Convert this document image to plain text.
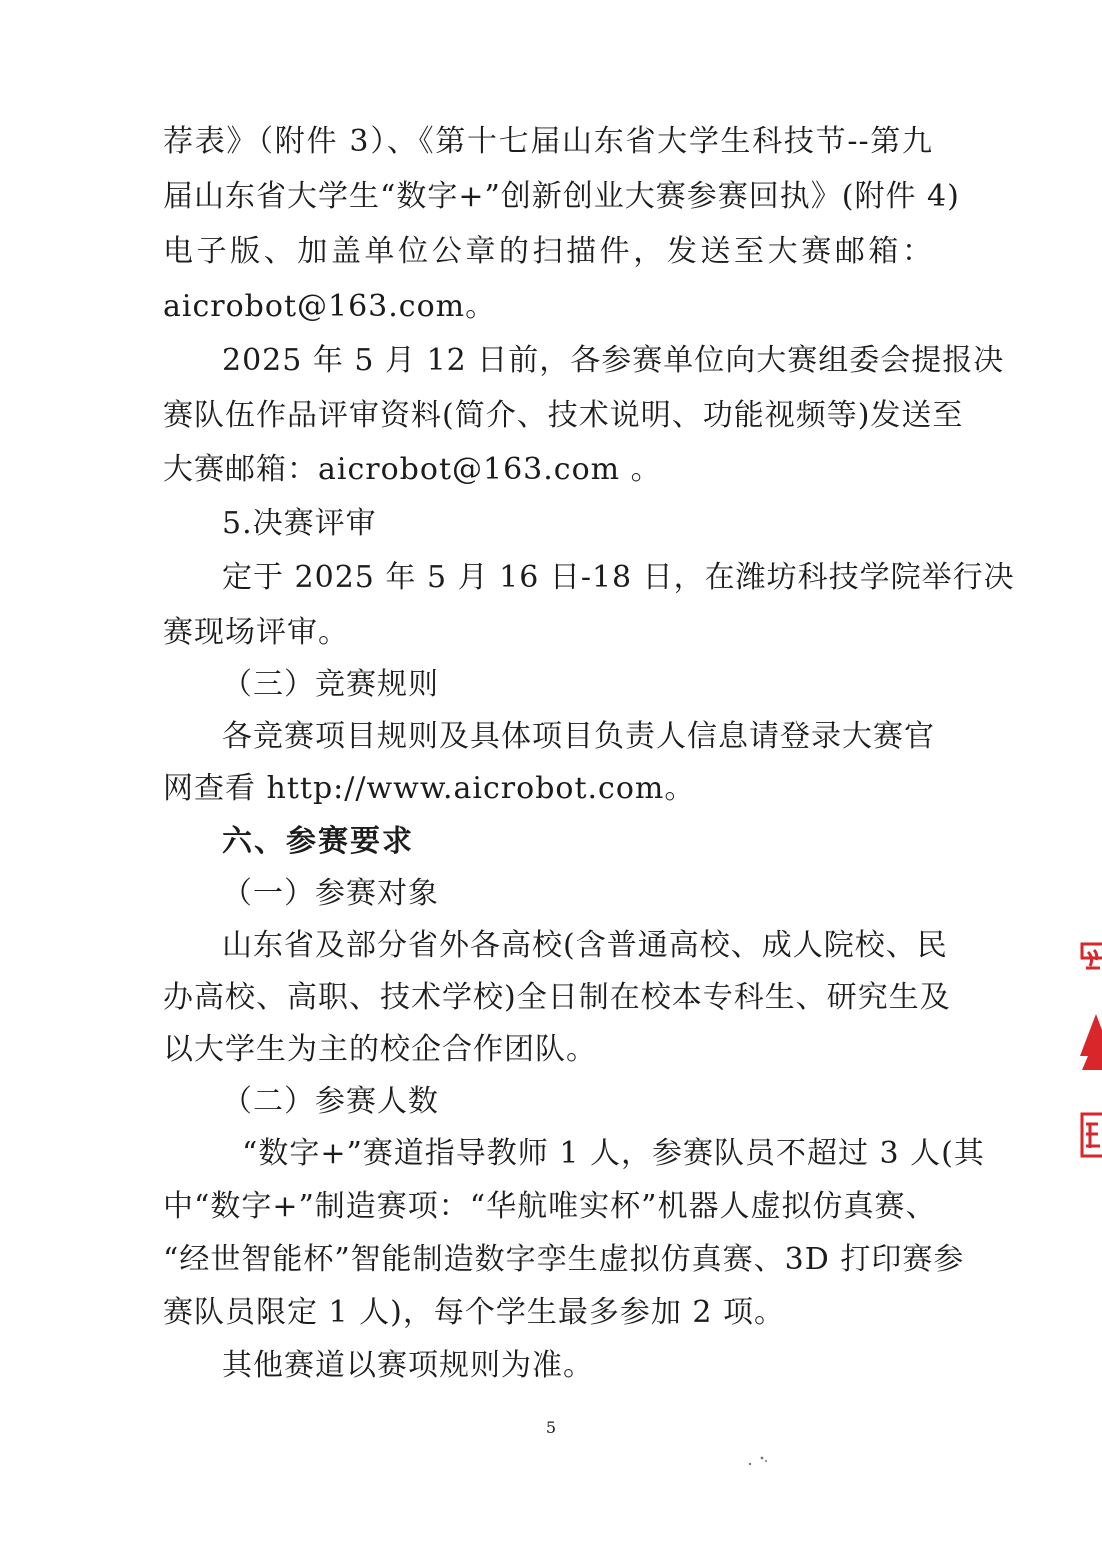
荐表》（附件 3）、《第十七届山东省大学生科技节--第九
届山东省大学生“数字+”创新创业大赛参赛回执》(附件 4)
电子版、加盖单位公章的扫描件，发送至大赛邮箱：
aicrobot@163.com。
2025 年 5 月 12 日前，各参赛单位向大赛组委会提报决
赛队伍作品评审资料(简介、技术说明、功能视频等)发送至
大赛邮箱：aicrobot@163.com 。
5.决赛评审
定于 2025 年 5 月 16 日-18 日，在潍坊科技学院举行决
赛现场评审。
（三）竞赛规则
各竞赛项目规则及具体项目负责人信息请登录大赛官
网查看 http://www.aicrobot.com。
六、参赛要求
（一）参赛对象
山东省及部分省外各高校(含普通高校、成人院校、民
办高校、高职、技术学校)全日制在校本专科生、研究生及
以大学生为主的校企合作团队。
（二）参赛人数
“数字+”赛道指导教师 1 人，参赛队员不超过 3 人(其
中“数字+”制造赛项：“华航唯实杯”机器人虚拟仿真赛、
“经世智能杯”智能制造数字孪生虚拟仿真赛、3D 打印赛参
赛队员限定 1 人)，每个学生最多参加 2 项。
其他赛道以赛项规则为准。
5
